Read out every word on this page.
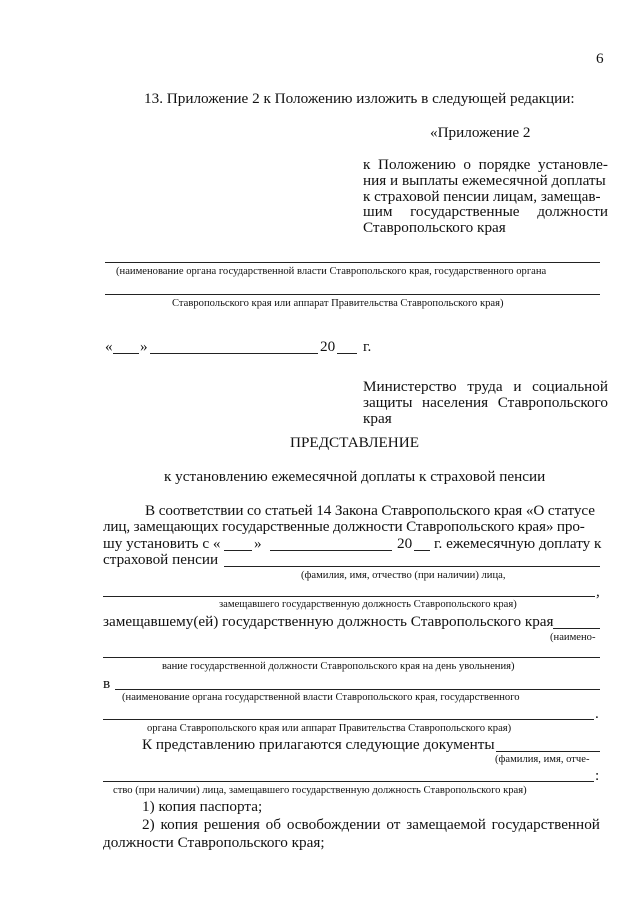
6
13. Приложение 2 к Положению изложить в следующей редакции:
«Приложение 2
к Положению о порядке установле-
ния и выплаты ежемесячной доплаты
к страховой пенсии лицам, замещав-
шим государственные должности
Ставропольского края
(наименование органа государственной власти Ставропольского края, государственного органа
Ставропольского края или аппарат Правительства Ставропольского края)
« »	20 г.
Министерство труда и социальной
защиты населения Ставропольского
края
ПРЕДСТАВЛЕНИЕ
к установлению ежемесячной доплаты к страховой пенсии
В соответствии со статьей 14 Закона Ставропольского края «О статусе
лиц, замещающих государственные должности Ставропольского края» про-
шу установить с « »	20 г. ежемесячную доплату к
страховой пенсии
(фамилия, имя, отчество (при наличии) лица,
,
замещавшего государственную должность Ставропольского края)
замещавшему(ей) государственную должность Ставропольского края
(наимено-
вание государственной должности Ставропольского края на день увольнения)
в
(наименование органа государственной власти Ставропольского края, государственного
.
органа Ставропольского края или аппарат Правительства Ставропольского края)
К представлению прилагаются следующие документы
(фамилия, имя, отче-
:
ство (при наличии) лица, замещавшего государственную должность Ставропольского края)
1) копия паспорта;
2) копия решения об освобождении от замещаемой государственной
должности Ставропольского края;
